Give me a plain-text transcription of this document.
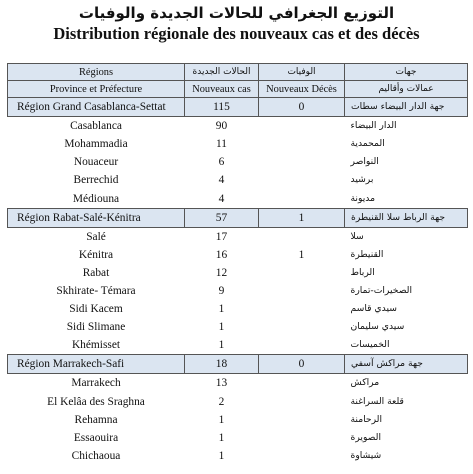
التوزيع الجغرافي للحالات الجديدة والوفيات
Distribution régionale des nouveaux cas et des décès
Régions	الحالات الجديدة	الوفيات	جهات
Province et Préfecture	Nouveaux cas	Nouveaux Décès	عمالات وأقاليم
Région Grand Casablanca-Settat	115	0	جهة الدار البيضاء سطات
Casablanca	90		الدار البيضاء
Mohammadia	11		المحمدية
Nouaceur	6		النواصر
Berrechid	4		برشيد
Médiouna	4		مديونة
Région Rabat-Salé-Kénitra	57	1	جهة الرباط سلا القنيطرة
Salé	17		سلا
Kénitra	16	1	القنيطرة
Rabat	12		الرباط
Skhirate- Témara	9		الصخيرات-تمارة
Sidi Kacem	1		سيدي قاسم
Sidi Slimane	1		سيدي سليمان
Khémisset	1		الخميسات
Région Marrakech-Safi	18	0	جهة مراكش آسفي
Marrakech	13		مراكش
El Kelâa des Sraghna	2		قلعة السراغنة
Rehamna	1		الرحامنة
Essaouira	1		الصويرة
Chichaoua	1		شيشاوة
